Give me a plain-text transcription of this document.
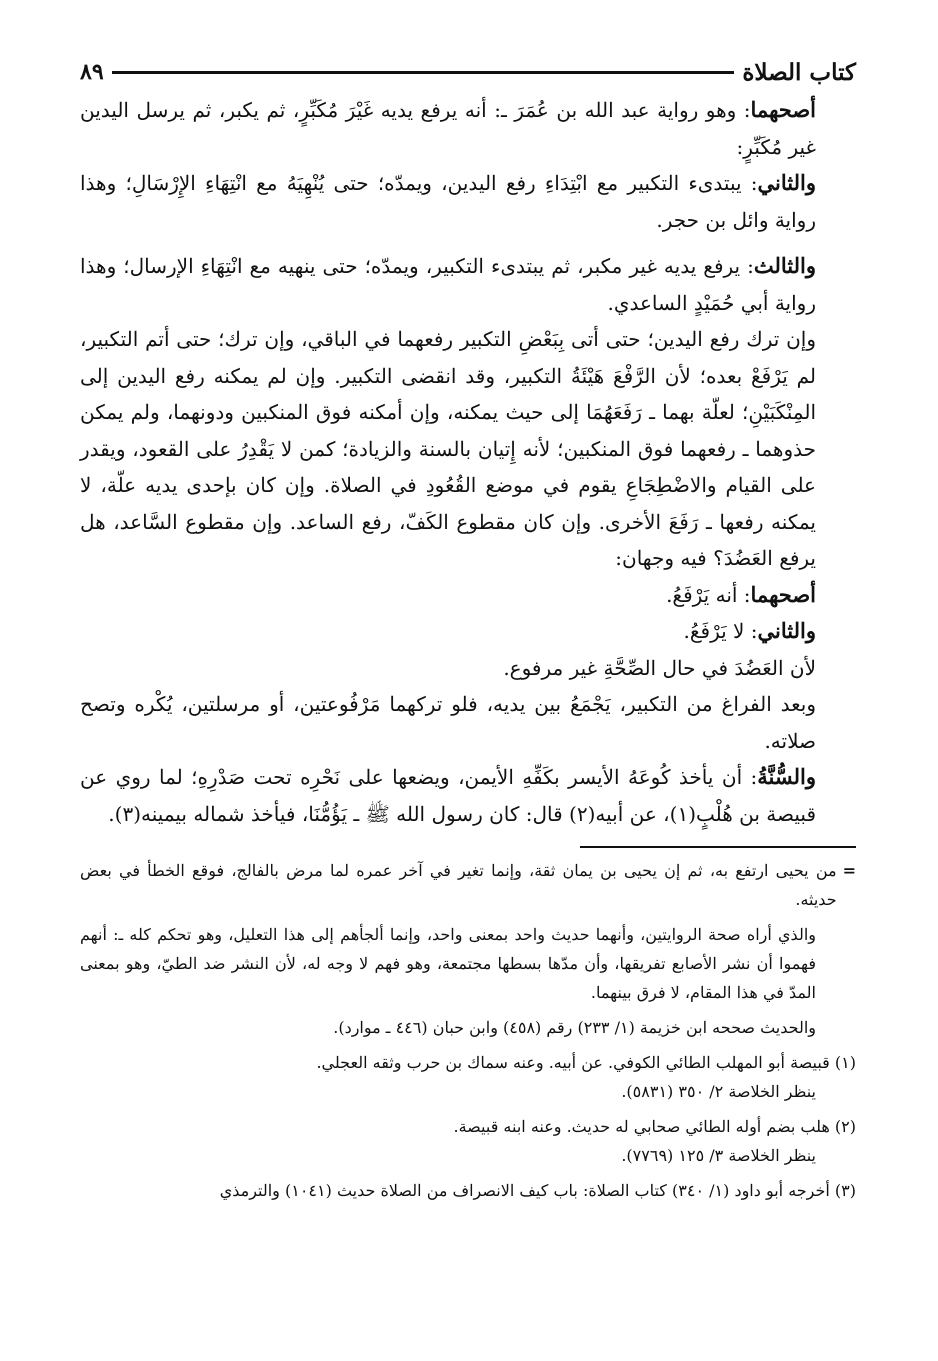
كتاب الصلاة
٨٩

أصحهما: وهو رواية عبد الله بن عُمَرَ ـ: أنه يرفع يديه غَيْرَ مُكَبِّرٍ، ثم يكبر، ثم يرسل اليدين غير مُكَبِّرٍ:

والثاني: يبتدىء التكبير مع ابْتِدَاءِ رفع اليدين، ويمدّه؛ حتى يُنْهِيَهُ مع انْتِهَاءِ الإِرْسَالِ؛ وهذا رواية وائل بن حجر.

والثالث: يرفع يديه غير مكبر، ثم يبتدىء التكبير، ويمدّه؛ حتى ينهيه مع انْتِهَاءِ الإرسال؛ وهذا رواية أبي حُمَيْدٍ الساعدي.

وإن ترك رفع اليدين؛ حتى أتى بِبَعْضِ التكبير رفعهما في الباقي، وإن ترك؛ حتى أتم التكبير، لم يَرْفَعْ بعده؛ لأن الرَّفْعَ هَيْئَةُ التكبير، وقد انقضى التكبير. وإن لم يمكنه رفع اليدين إلى المِنْكَبَيْنِ؛ لعلّة بهما ـ رَفَعَهُمَا إلى حيث يمكنه، وإن أمكنه فوق المنكبين ودونهما، ولم يمكن حذوهما ـ رفعهما فوق المنكبين؛ لأنه إِتيان بالسنة والزيادة؛ كمن لا يَقْدِرُ على القعود، ويقدر على القيام والاضْطِجَاعِ يقوم في موضع القُعُودِ في الصلاة. وإن كان بإحدى يديه علّة، لا يمكنه رفعها ـ رَفَعَ الأخرى. وإن كان مقطوع الكَفّ، رفع الساعد. وإن مقطوع السَّاعد، هل يرفع العَضُدَ؟ فيه وجهان:

أصحهما: أنه يَرْفَعُ.

والثاني: لا يَرْفَعُ.

لأن العَضُدَ في حال الصِّحَّةِ غير مرفوع.

وبعد الفراغ من التكبير، يَجْمَعُ بين يديه، فلو تركهما مَرْفُوعتين، أو مرسلتين، يُكْره وتصح صلاته.

والسُّنَّةُ: أن يأخذ كُوعَهُ الأيسر بكَفِّهِ الأيمن، ويضعها على نَحْرِه تحت صَدْرِهِ؛ لما روي عن قبيصة بن هُلْبٍ(١)، عن أبيه(٢) قال: كان رسول الله ﷺ ـ يَؤُمُّنَا، فيأخذ شماله بيمينه(٣).

=
من يحيى ارتفع به، ثم إن يحيى بن يمان ثقة، وإنما تغير في آخر عمره لما مرض بالفالج، فوقع الخطأ في بعض حديثه.

والذي أراه صحة الروايتين، وأنهما حديث واحد بمعنى واحد، وإنما ألجأهم إلى هذا التعليل، وهو تحكم كله ـ: أنهم فهموا أن نشر الأصابع تفريقها، وأن مدّها بسطها مجتمعة، وهو فهم لا وجه له، لأن النشر ضد الطيّ، وهو بمعنى المدّ في هذا المقام، لا فرق بينهما.

والحديث صححه ابن خزيمة (١/ ٢٣٣) رقم (٤٥٨) وابن حبان (٤٤٦ ـ موارد).

(١) قبيصة أبو المهلب الطائي الكوفي. عن أبيه. وعنه سماك بن حرب وثقه العجلي.

ينظر الخلاصة ٢/ ٣٥٠ (٥٨٣١).

(٢) هلب بضم أوله الطائي صحابي له حديث. وعنه ابنه قبيصة.

ينظر الخلاصة ٣/ ١٢٥ (٧٧٦٩).

(٣) أخرجه أبو داود (١/ ٣٤٠) كتاب الصلاة: باب كيف الانصراف من الصلاة حديث (١٠٤١) والترمذي
